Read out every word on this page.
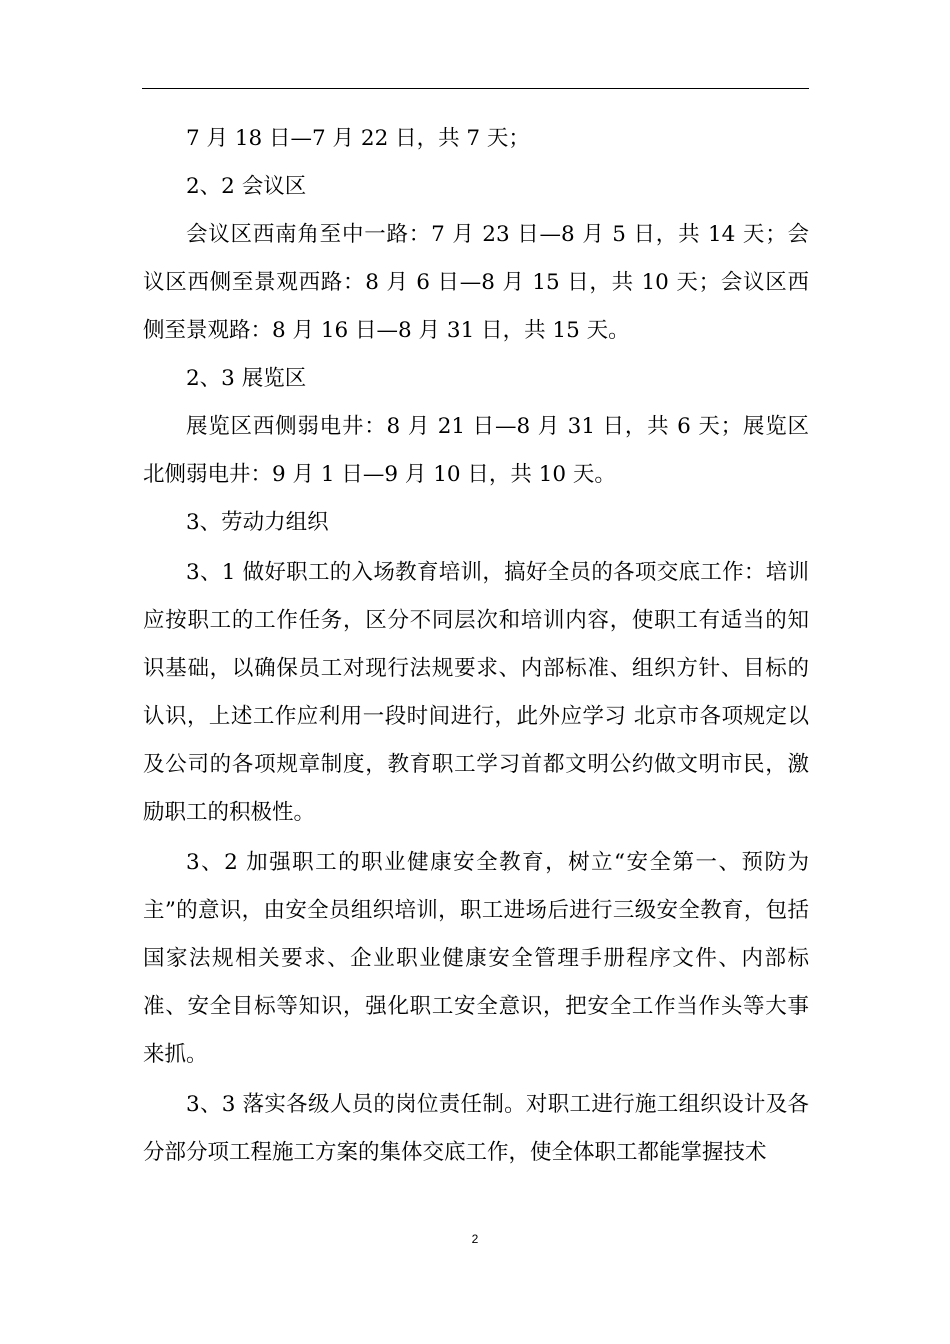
7 月 18 日—7 月 22 日，共 7 天；

2、2 会议区

会议区西南角至中一路：7 月 23 日—8 月 5 日，共 14 天；会议区西侧至景观西路：8 月 6 日—8 月 15 日，共 10 天；会议区西侧至景观路：8 月 16 日—8 月 31 日，共 15 天。

2、3 展览区

展览区西侧弱电井：8 月 21 日—8 月 31 日，共 6 天；展览区北侧弱电井：9 月 1 日—9 月 10 日，共 10 天。

3、劳动力组织

3、1 做好职工的入场教育培训，搞好全员的各项交底工作：培训应按职工的工作任务，区分不同层次和培训内容，使职工有适当的知识基础，以确保员工对现行法规要求、内部标准、组织方针、目标的认识，上述工作应利用一段时间进行，此外应学习 北京市各项规定以及公司的各项规章制度，教育职工学习首都文明公约做文明市民，激励职工的积极性。

3、2 加强职工的职业健康安全教育，树立“安全第一、预防为主”的意识，由安全员组织培训，职工进场后进行三级安全教育，包括国家法规相关要求、企业职业健康安全管理手册程序文件、内部标准、安全目标等知识，强化职工安全意识，把安全工作当作头等大事来抓。

3、3 落实各级人员的岗位责任制。对职工进行施工组织设计及各分部分项工程施工方案的集体交底工作，使全体职工都能掌握技术

2
